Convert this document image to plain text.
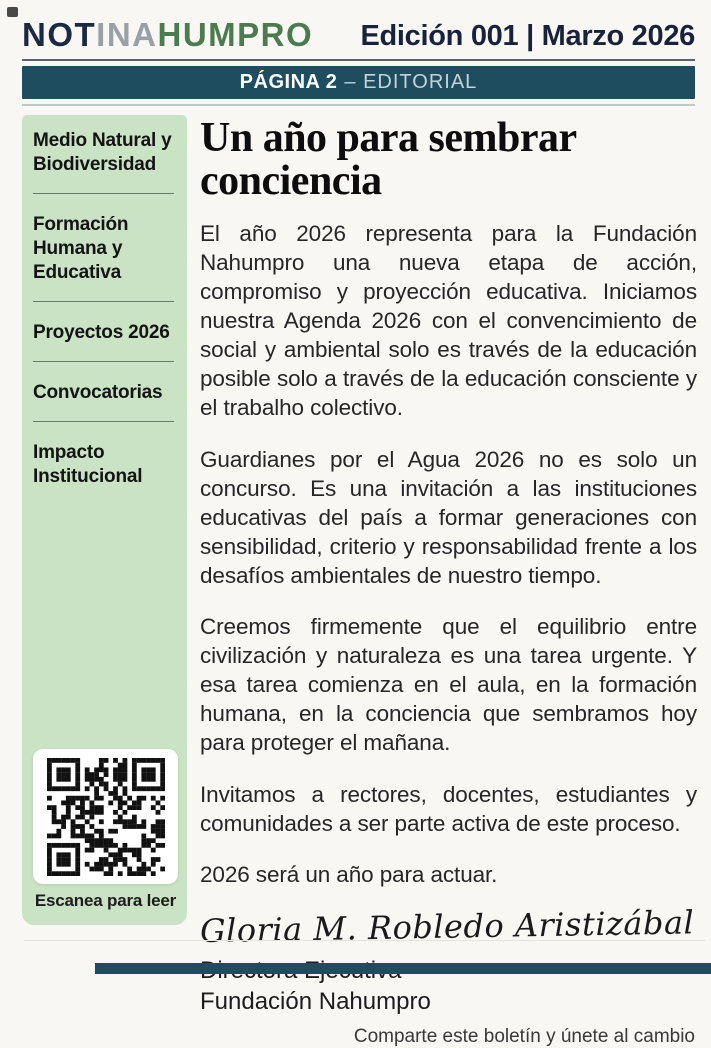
NOTINAHUMPRO Edición 001 | Marzo 2026
PÁGINA 2 – EDITORIAL
Medio Natural y Biodiversidad
Formación Humana y Educativa
Proyectos 2026
Convocatorias
Impacto Institucional
Escanea para leer
Un año para sembrar conciencia

El año 2026 representa para la Fundación Nahumpro una nueva etapa de acción, compromiso y proyección educativa. Iniciamos nuestra Agenda 2026 con el convencimiento de social y ambiental solo es través de la educación posible solo a través de la educación consciente y el trabalho colectivo.

Guardianes por el Agua 2026 no es solo un concurso. Es una invitación a las instituciones educativas del país a formar generaciones con sensibilidad, criterio y responsabilidad frente a los desafíos ambientales de nuestro tiempo.

Creemos firmemente que el equilibrio entre civilización y naturaleza es una tarea urgente. Y esa tarea comienza en el aula, en la formación humana, en la conciencia que sembramos hoy para proteger el mañana.

Invitamos a rectores, docentes, estudiantes y comunidades a ser parte activa de este proceso.

2026 será un año para actuar.

Gloria M. Robledo Aristizábal
Fundación Nahumpro
Comparte este boletín y únete al cambio
